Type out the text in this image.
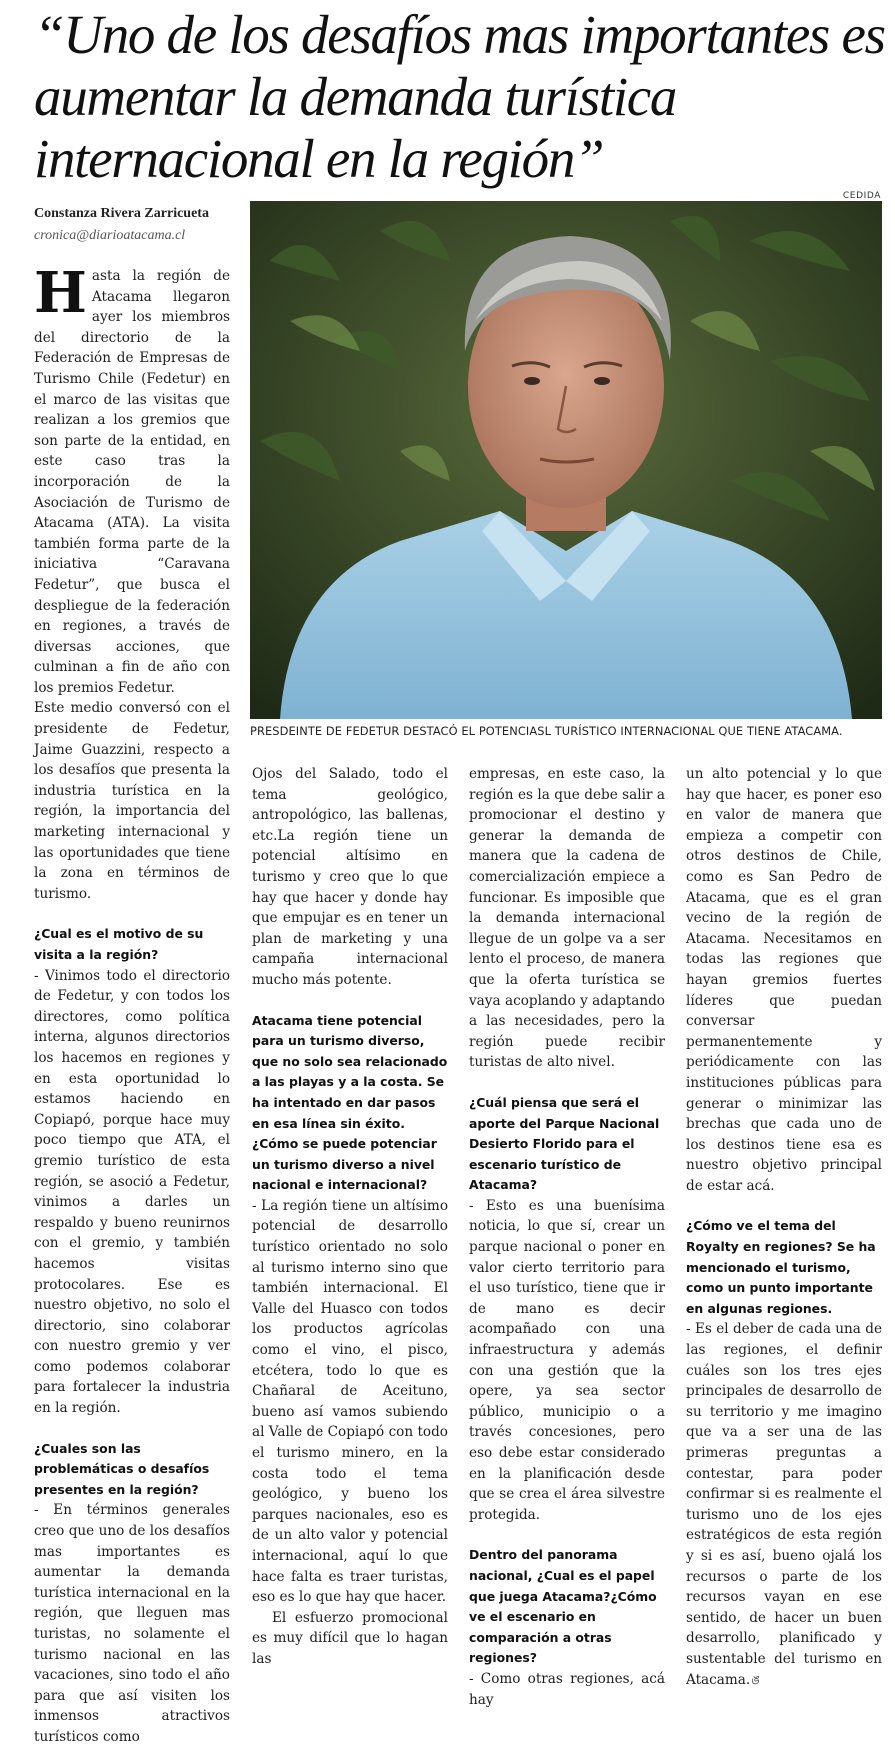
“Uno de los desafíos mas importantes es aumentar la demanda turística internacional en la región”
CEDIDA
Constanza Rivera Zarricueta
cronica@diarioatacama.cl

PRESDEINTE DE FEDETUR DESTACÓ EL POTENCIASL TURÍSTICO INTERNACIONAL QUE TIENE ATACAMA.

Hasta la región de Atacama llegaron ayer los miembros del directorio de la Federación de Empresas de Turismo Chile (Fedetur) en el marco de las visitas que realizan a los gremios que son parte de la entidad, en este caso tras la incorporación de la Asociación de Turismo de Atacama (ATA). La visita también forma parte de la iniciativa “Caravana Fedetur”, que busca el despliegue de la federación en regiones, a través de diversas acciones, que culminan a fin de año con los premios Fedetur.

Este medio conversó con el presidente de Fedetur, Jaime Guazzini, respecto a los desafíos que presenta la industria turística en la región, la importancia del marketing internacional y las oportunidades que tiene la zona en términos de turismo.

¿Cual es el motivo de su visita a la región?

- Vinimos todo el directorio de Fedetur, y con todos los directores, como política interna, algunos directorios los hacemos en regiones y en esta oportunidad lo estamos haciendo en Copiapó, porque hace muy poco tiempo que ATA, el gremio turístico de esta región, se asoció a Fedetur, vinimos a darles un respaldo y bueno reunirnos con el gremio, y también hacemos visitas protocolares. Ese es nuestro objetivo, no solo el directorio, sino colaborar con nuestro gremio y ver como podemos colaborar para fortalecer la industria en la región.

¿Cuales son las problemáticas o desafíos presentes en la región?

- En términos generales creo que uno de los desafíos mas importantes es aumentar la demanda turística internacional en la región, que lleguen mas turistas, no solamente el turismo nacional en las vacaciones, sino todo el año para que así visiten los inmensos atractivos turísticos como

Ojos del Salado, todo el tema geológico, antropológico, las ballenas, etc.La región tiene un potencial altísimo en turismo y creo que lo que hay que hacer y donde hay que empujar es en tener un plan de marketing y una campaña internacional mucho más potente.

Atacama tiene potencial para un turismo diverso, que no solo sea relacionado a las playas y a la costa. Se ha intentado en dar pasos en esa línea sin éxito. ¿Cómo se puede potenciar un turismo diverso a nivel nacional e internacional?

- La región tiene un altísimo potencial de desarrollo turístico orientado no solo al turismo interno sino que también internacional. El Valle del Huasco con todos los productos agrícolas como el vino, el pisco, etcétera, todo lo que es Chañaral de Aceituno, bueno así vamos subiendo al Valle de Copiapó con todo el turismo minero, en la costa todo el tema geológico, y bueno los parques nacionales, eso es de un alto valor y potencial internacional, aquí lo que hace falta es traer turistas, eso es lo que hay que hacer.

El esfuerzo promocional es muy difícil que lo hagan las

empresas, en este caso, la región es la que debe salir a promocionar el destino y generar la demanda de manera que la cadena de comercialización empiece a funcionar. Es imposible que la demanda internacional llegue de un golpe va a ser lento el proceso, de manera que la oferta turística se vaya acoplando y adaptando a las necesidades, pero la región puede recibir turistas de alto nivel.

¿Cuál piensa que será el aporte del Parque Nacional Desierto Florido para el escenario turístico de Atacama?

- Esto es una buenísima noticia, lo que sí, crear un parque nacional o poner en valor cierto territorio para el uso turístico, tiene que ir de mano es decir acompañado con una infraestructura y además con una gestión que la opere, ya sea sector público, municipio o a través concesiones, pero eso debe estar considerado en la planificación desde que se crea el área silvestre protegida.

Dentro del panorama nacional, ¿Cual es el papel que juega Atacama?¿Cómo ve el escenario en comparación a otras regiones?

- Como otras regiones, acá hay

un alto potencial y lo que hay que hacer, es poner eso en valor de manera que empieza a competir con otros destinos de Chile, como es San Pedro de Atacama, que es el gran vecino de la región de Atacama. Necesitamos en todas las regiones que hayan gremios fuertes líderes que puedan conversar permanentemente y periódicamente con las instituciones públicas para generar o minimizar las brechas que cada uno de los destinos tiene esa es nuestro objetivo principal de estar acá.

¿Cómo ve el tema del Royalty en regiones? Se ha mencionado el turismo, como un punto importante en algunas regiones.

- Es el deber de cada una de las regiones, el definir cuáles son los tres ejes principales de desarrollo de su territorio y me imagino que va a ser una de las primeras preguntas a contestar, para poder confirmar si es realmente el turismo uno de los ejes estratégicos de esta región y si es así, bueno ojalá los recursos o parte de los recursos vayan en ese sentido, de hacer un buen desarrollo, planificado y sustentable del turismo en Atacama.ঙ
